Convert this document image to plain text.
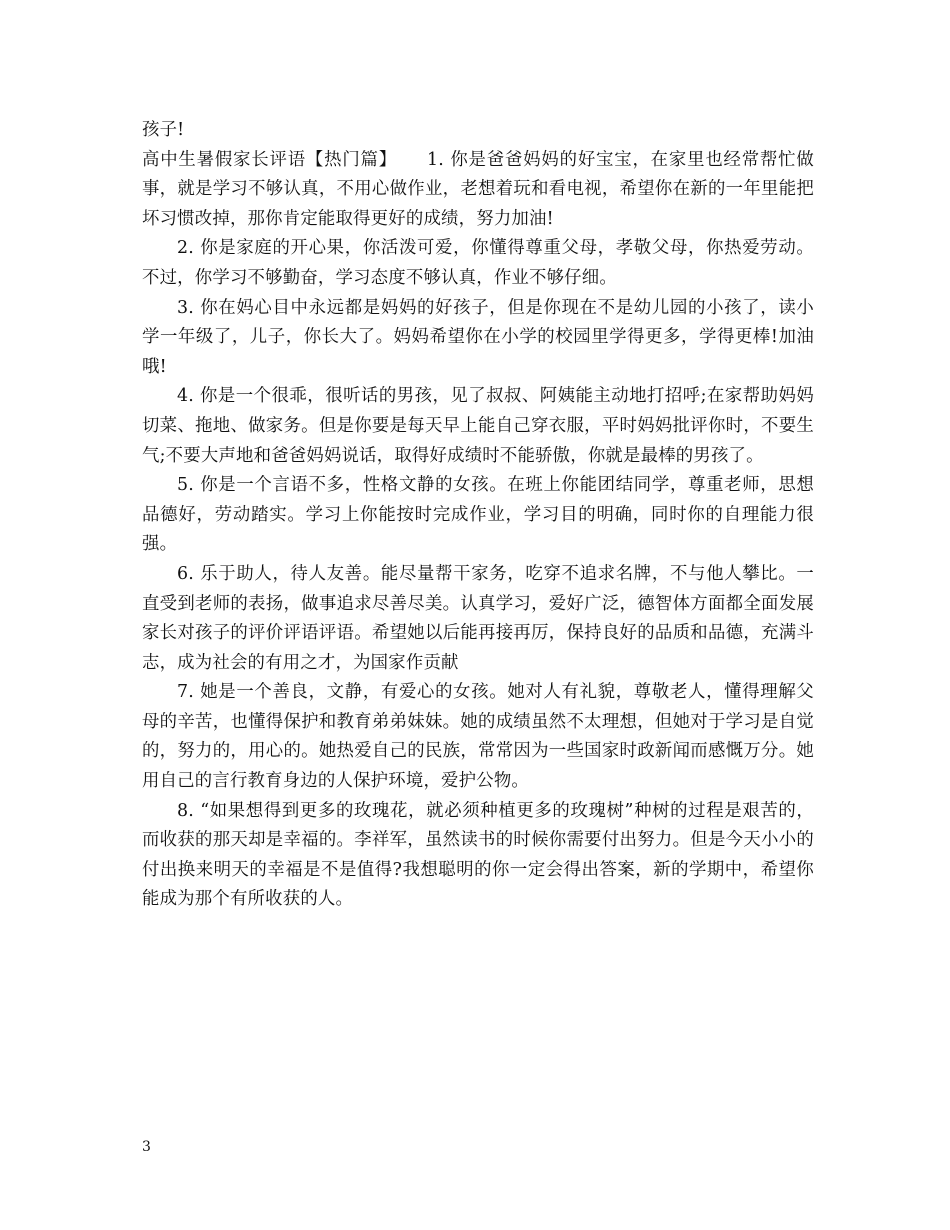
孩子!

高中生暑假家长评语【热门篇】 1. 你是爸爸妈妈的好宝宝，在家里也经常帮忙做事，就是学习不够认真，不用心做作业，老想着玩和看电视，希望你在新的一年里能把坏习惯改掉，那你肯定能取得更好的成绩，努力加油!

2. 你是家庭的开心果，你活泼可爱，你懂得尊重父母，孝敬父母，你热爱劳动。不过，你学习不够勤奋，学习态度不够认真，作业不够仔细。

3. 你在妈心目中永远都是妈妈的好孩子，但是你现在不是幼儿园的小孩了，读小学一年级了，儿子，你长大了。妈妈希望你在小学的校园里学得更多，学得更棒!加油哦!

4. 你是一个很乖，很听话的男孩，见了叔叔、阿姨能主动地打招呼;在家帮助妈妈切菜、拖地、做家务。但是你要是每天早上能自己穿衣服，平时妈妈批评你时，不要生气;不要大声地和爸爸妈妈说话，取得好成绩时不能骄傲，你就是最棒的男孩了。

5. 你是一个言语不多，性格文静的女孩。在班上你能团结同学，尊重老师，思想品德好，劳动踏实。学习上你能按时完成作业，学习目的明确，同时你的自理能力很强。

6. 乐于助人，待人友善。能尽量帮干家务，吃穿不追求名牌，不与他人攀比。一直受到老师的表扬，做事追求尽善尽美。认真学习，爱好广泛，德智体方面都全面发展家长对孩子的评价评语评语。希望她以后能再接再厉，保持良好的品质和品德，充满斗志，成为社会的有用之才，为国家作贡献

7. 她是一个善良，文静，有爱心的女孩。她对人有礼貌，尊敬老人，懂得理解父母的辛苦，也懂得保护和教育弟弟妹妹。她的成绩虽然不太理想，但她对于学习是自觉的，努力的，用心的。她热爱自己的民族，常常因为一些国家时政新闻而感慨万分。她用自己的言行教育身边的人保护环境，爱护公物。

8. “如果想得到更多的玫瑰花，就必须种植更多的玫瑰树”种树的过程是艰苦的，而收获的那天却是幸福的。李祥军，虽然读书的时候你需要付出努力。但是今天小小的付出换来明天的幸福是不是值得?我想聪明的你一定会得出答案，新的学期中，希望你能成为那个有所收获的人。

3
